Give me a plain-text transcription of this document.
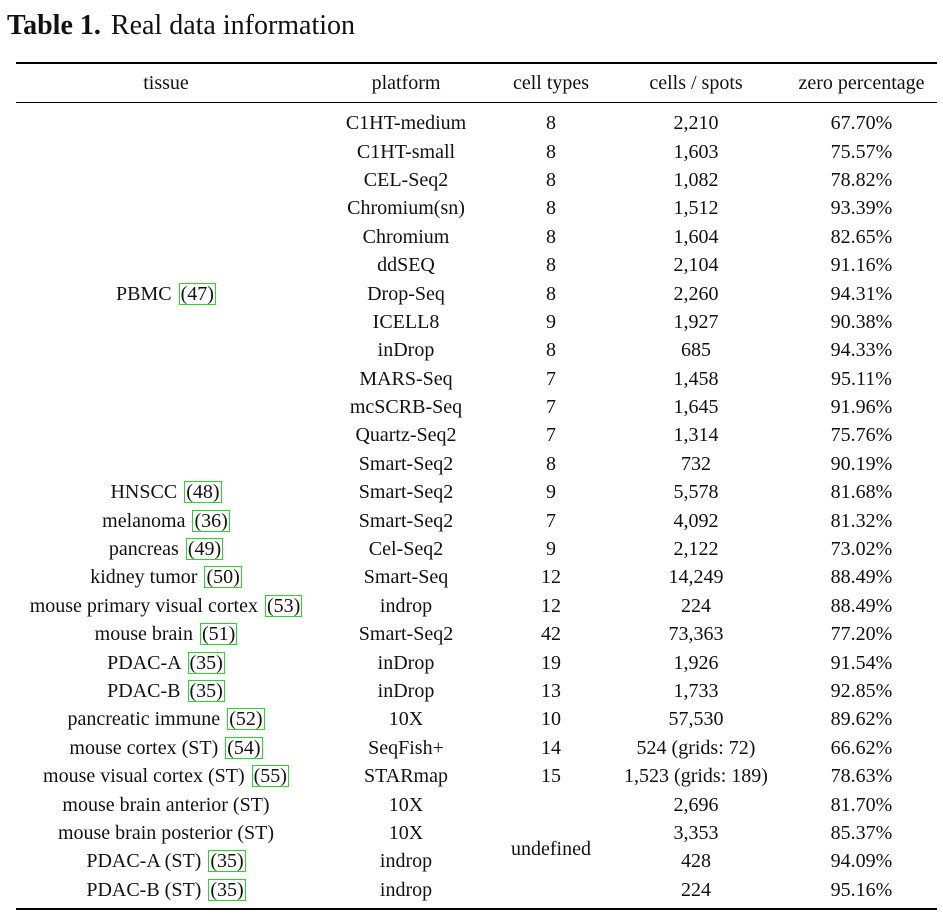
Table 1. Real data information
tissue	platform	cell types	cells / spots	zero percentage
PBMC (47)	C1HT-medium	8	2,210	67.70%
	C1HT-small	8	1,603	75.57%
	CEL-Seq2	8	1,082	78.82%
	Chromium(sn)	8	1,512	93.39%
	Chromium	8	1,604	82.65%
	ddSEQ	8	2,104	91.16%
	Drop-Seq	8	2,260	94.31%
	ICELL8	9	1,927	90.38%
	inDrop	8	685	94.33%
	MARS-Seq	7	1,458	95.11%
	mcSCRB-Seq	7	1,645	91.96%
	Quartz-Seq2	7	1,314	75.76%
	Smart-Seq2	8	732	90.19%
HNSCC (48)	Smart-Seq2	9	5,578	81.68%
melanoma (36)	Smart-Seq2	7	4,092	81.32%
pancreas (49)	Cel-Seq2	9	2,122	73.02%
kidney tumor (50)	Smart-Seq	12	14,249	88.49%
mouse primary visual cortex (53)	indrop	12	224	88.49%
mouse brain (51)	Smart-Seq2	42	73,363	77.20%
PDAC-A (35)	inDrop	19	1,926	91.54%
PDAC-B (35)	inDrop	13	1,733	92.85%
pancreatic immune (52)	10X	10	57,530	89.62%
mouse cortex (ST) (54)	SeqFish+	14	524 (grids: 72)	66.62%
mouse visual cortex (ST) (55)	STARmap	15	1,523 (grids: 189)	78.63%
mouse brain anterior (ST)	10X	undefined	2,696	81.70%
mouse brain posterior (ST)	10X		3,353	85.37%
PDAC-A (ST) (35)	indrop		428	94.09%
PDAC-B (ST) (35)	indrop		224	95.16%
